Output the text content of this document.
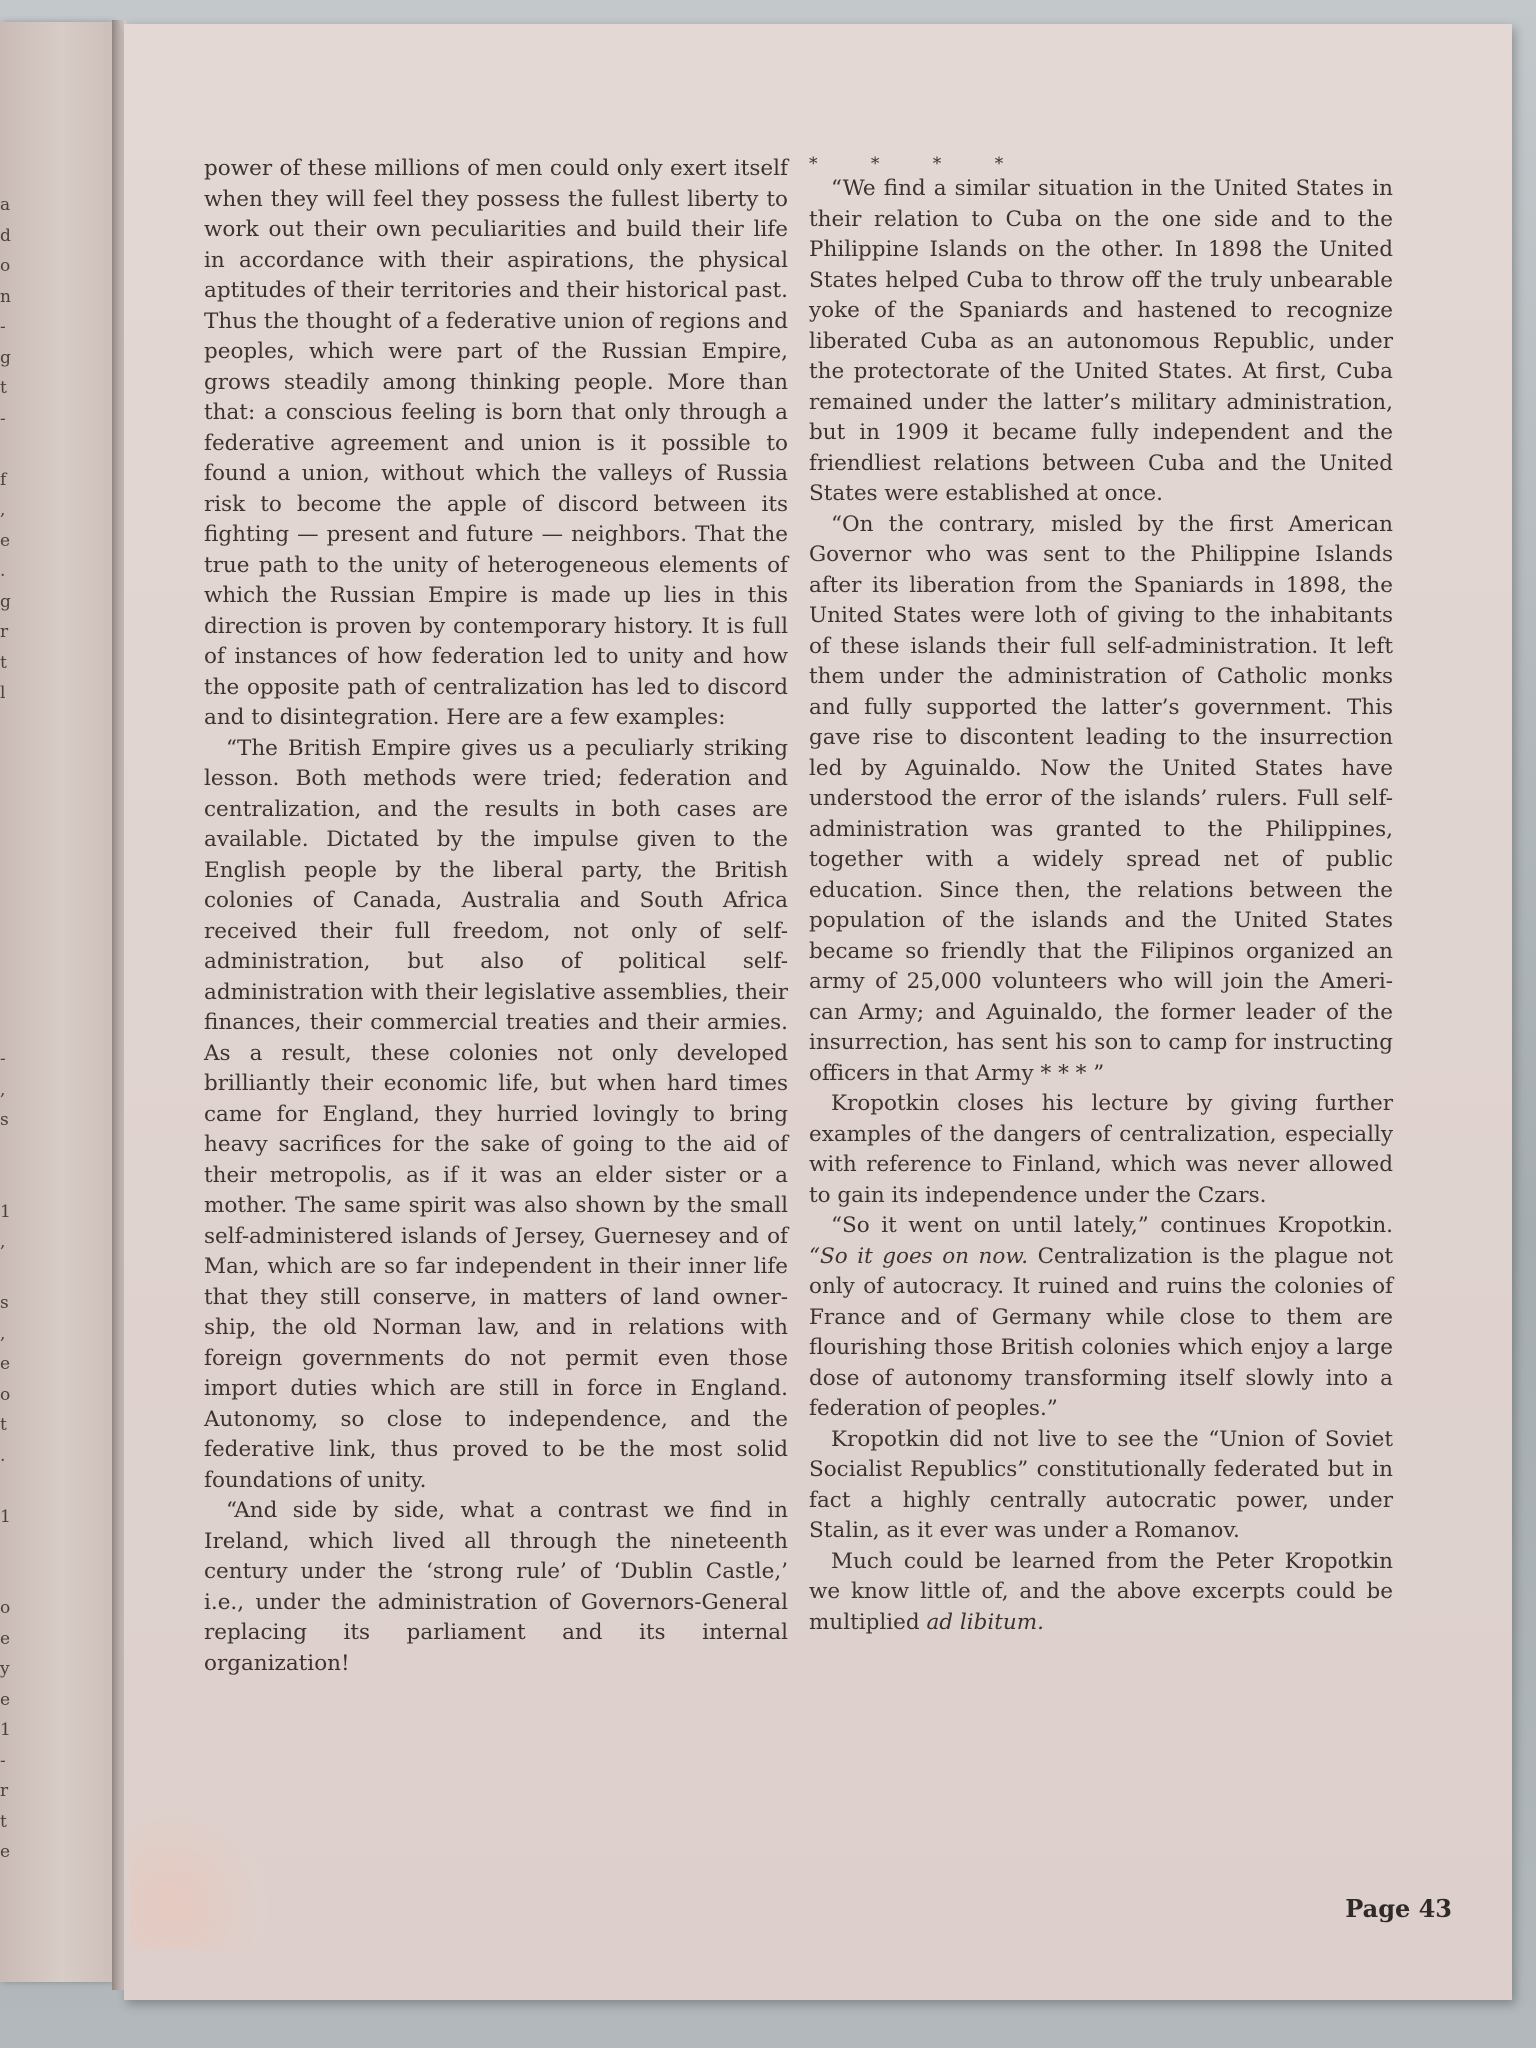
a
d
o
n
-
g
t
-

f
,
e
.
g
r
t
l

-
,
s

1
,

s
,
e
o
t
.

1

o
e
y
e
1
-
r
t
e

power of these millions of men could only exert itself when they will feel they possess the fullest liberty to work out their own peculiarities and build their life in accordance with their aspirations, the physical aptitudes of their territories and their historical past. Thus the thought of a federative union of regions and peoples, which were part of the Russian Empire, grows steadily among thinking people. More than that: a conscious feeling is born that only through a federative agreement and union is it possible to found a union, without which the valleys of Russia risk to become the apple of discord between its fighting — present and future — neighbors. That the true path to the unity of heterogeneous elements of which the Russian Empire is made up lies in this direction is proven by contemporary history. It is full of instances of how federation led to unity and how the opposite path of centralization has led to discord and to disintegration. Here are a few examples:

“The British Empire gives us a peculiarly striking lesson. Both methods were tried; federation and centralization, and the results in both cases are available. Dictated by the impulse given to the English people by the liberal party, the British colonies of Canada, Australia and South Africa received their full freedom, not only of self-administration, but also of political self-administration with their legislative assemblies, their finances, their commercial treaties and their armies. As a result, these colonies not only developed brilliantly their economic life, but when hard times came for England, they hurried lovingly to bring heavy sacrifices for the sake of going to the aid of their metropolis, as if it was an elder sister or a mother. The same spirit was also shown by the small self-administered islands of Jersey, Guernesey and of Man, which are so far independent in their inner life that they still conserve, in matters of land ownership, the old Norman law, and in relations with foreign governments do not permit even those import duties which are still in force in England. Autonomy, so close to independence, and the federative link, thus proved to be the most solid foundations of unity.

“And side by side, what a contrast we find in Ireland, which lived all through the nineteenth century under the ‘strong rule’ of ‘Dublin Castle,’ i.e., under the administration of Governors-General replacing its parliament and its internal organization!

* * * *

“We find a similar situation in the United States in their relation to Cuba on the one side and to the Philippine Islands on the other. In 1898 the United States helped Cuba to throw off the truly unbearable yoke of the Spaniards and hastened to recognize liberated Cuba as an autonomous Republic, under the protectorate of the United States. At first, Cuba remained under the latter’s military administration, but in 1909 it became fully independent and the friendliest relations between Cuba and the United States were established at once.

“On the contrary, misled by the first American Governor who was sent to the Philippine Islands after its liberation from the Spaniards in 1898, the United States were loth of giving to the inhabitants of these islands their full self-administration. It left them under the administration of Catholic monks and fully supported the latter’s government. This gave rise to discontent leading to the insurrection led by Aguinaldo. Now the United States have understood the error of the islands’ rulers. Full self-administration was granted to the Philippines, together with a widely spread net of public education. Since then, the relations between the population of the islands and the United States became so friendly that the Filipinos organized an army of 25,000 volunteers who will join the American Army; and Aguinaldo, the former leader of the insurrection, has sent his son to camp for instructing officers in that Army * * * ”

Kropotkin closes his lecture by giving further examples of the dangers of centralization, especially with reference to Finland, which was never allowed to gain its independence under the Czars.

“So it went on until lately,” continues Kropotkin. “So it goes on now. Centralization is the plague not only of autocracy. It ruined and ruins the colonies of France and of Germany while close to them are flourishing those British colonies which enjoy a large dose of autonomy transforming itself slowly into a federation of peoples.”

Kropotkin did not live to see the “Union of Soviet Socialist Republics” constitutionally federated but in fact a highly centrally autocratic power, under Stalin, as it ever was under a Romanov.

Much could be learned from the Peter Kropotkin we know little of, and the above excerpts could be multiplied ad libitum.

Page 43
